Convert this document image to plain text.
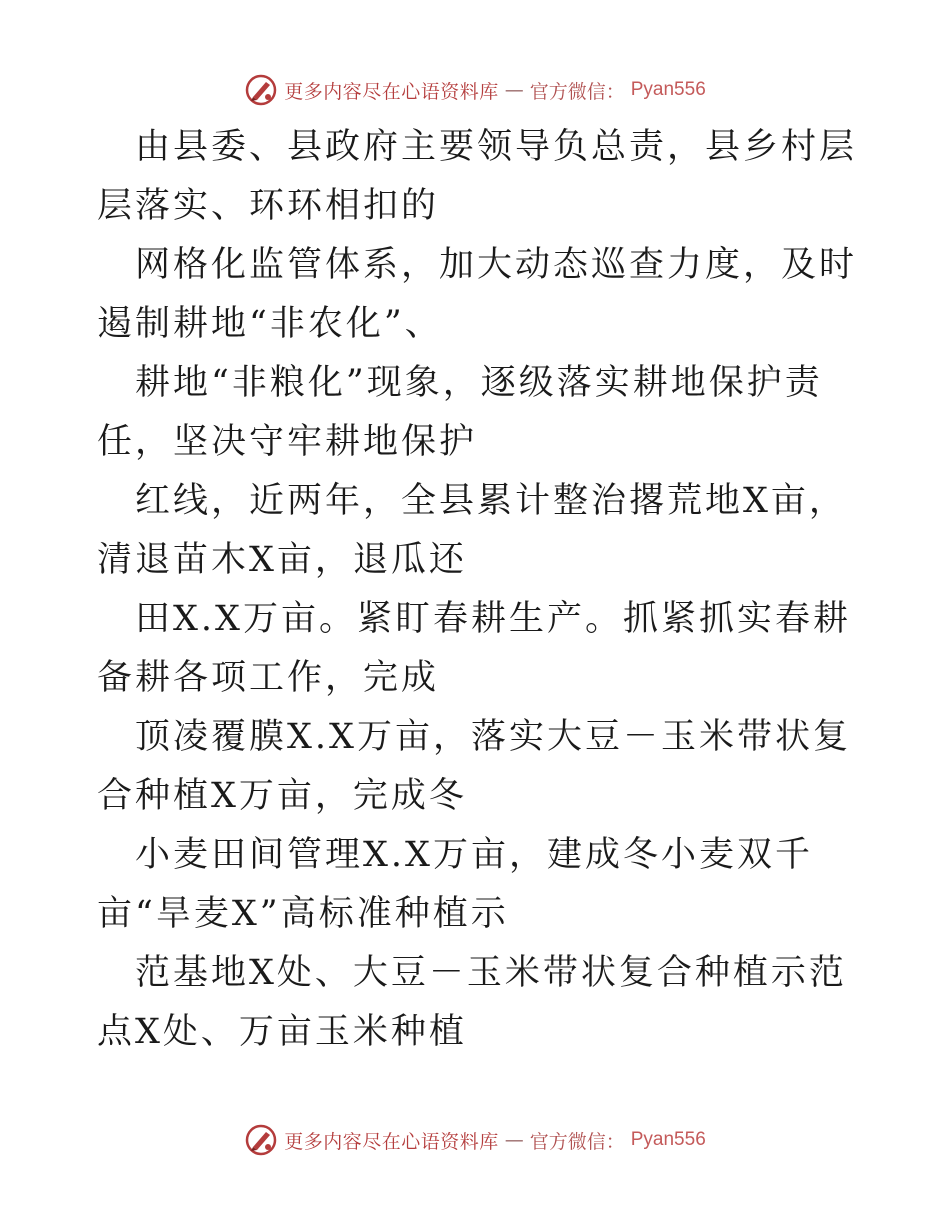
更多内容尽在心语资料库 — 官方微信： Pyan556

由县委、县政府主要领导负总责，县乡村层层落实、环环相扣的

网格化监管体系，加大动态巡查力度，及时遏制耕地“非农化”、

耕地“非粮化”现象，逐级落实耕地保护责任，坚决守牢耕地保护

红线，近两年，全县累计整治撂荒地X亩，清退苗木X亩，退瓜还

田X.X万亩。紧盯春耕生产。抓紧抓实春耕备耕各项工作，完成

顶凌覆膜X.X万亩，落实大豆－玉米带状复合种植X万亩，完成冬

小麦田间管理X.X万亩，建成冬小麦双千亩“旱麦X”高标准种植示

范基地X处、大豆－玉米带状复合种植示范点X处、万亩玉米种植

更多内容尽在心语资料库 — 官方微信： Pyan556
